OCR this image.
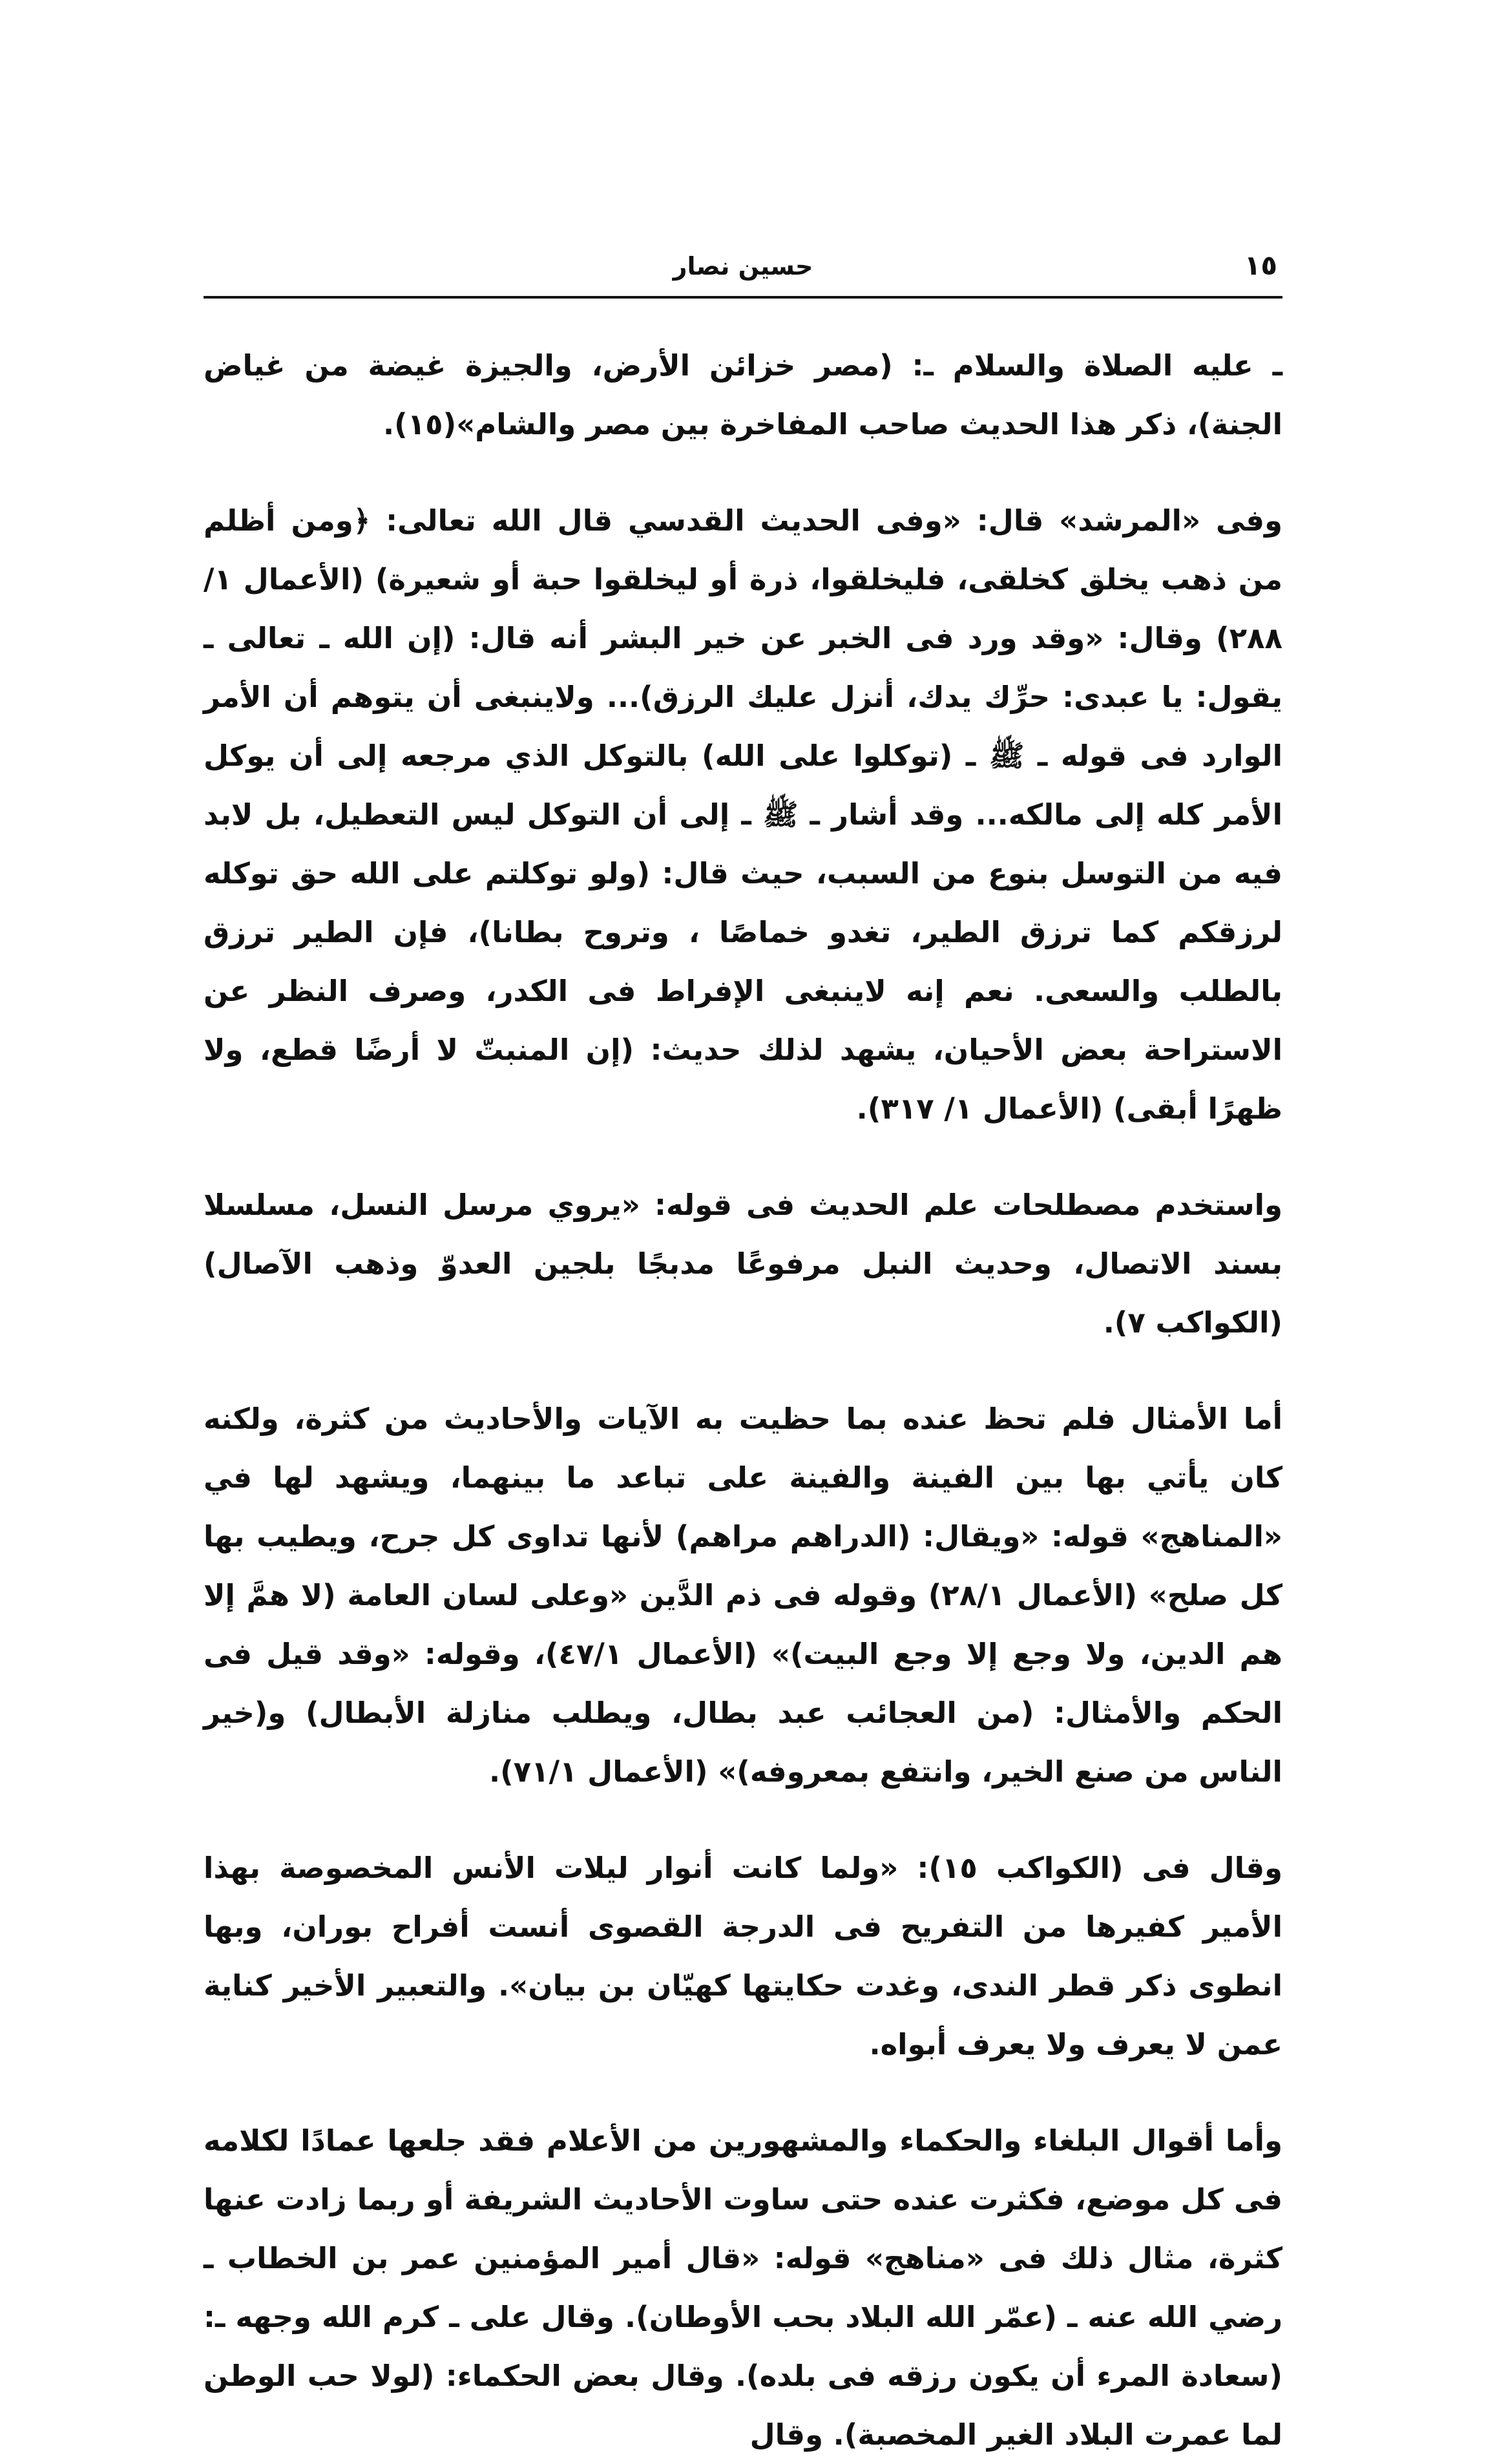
١٥
حسين نصار

ـ عليه الصلاة والسلام ـ: (مصر خزائن الأرض، والجيزة غيضة من غياض الجنة)، ذكر هذا الحديث صاحب المفاخرة بين مصر والشام»(١٥).

وفى «المرشد» قال: «وفى الحديث القدسي قال الله تعالى: ﴿ومن أظلم من ذهب يخلق كخلقى، فليخلقوا، ذرة أو ليخلقوا حبة أو شعيرة) (الأعمال ١/ ٢٨٨) وقال: «وقد ورد فى الخبر عن خير البشر أنه قال: (إن الله ـ تعالى ـ يقول: يا عبدى: حرِّك يدك، أنزل عليك الرزق)... ولاينبغى أن يتوهم أن الأمر الوارد فى قوله ـ ﷺ ـ (توكلوا على الله) بالتوكل الذي مرجعه إلى أن يوكل الأمر كله إلى مالكه... وقد أشار ـ ﷺ ـ إلى أن التوكل ليس التعطيل، بل لابد فيه من التوسل بنوع من السبب، حيث قال: (ولو توكلتم على الله حق توكله لرزقكم كما ترزق الطير، تغدو خماصًا ، وتروح بطانا)، فإن الطير ترزق بالطلب والسعى. نعم إنه لاينبغى الإفراط فى الكدر، وصرف النظر عن الاستراحة بعض الأحيان، يشهد لذلك حديث: (إن المنبتّ لا أرضًا قطع، ولا ظهرًا أبقى) (الأعمال ١/ ٣١٧).

واستخدم مصطلحات علم الحديث فى قوله: «يروي مرسل النسل، مسلسلا بسند الاتصال، وحديث النبل مرفوعًا مدبجًا بلجين العدوّ وذهب الآصال) (الكواكب ٧).

أما الأمثال فلم تحظ عنده بما حظيت به الآيات والأحاديث من كثرة، ولكنه كان يأتي بها بين الفينة والفينة على تباعد ما بينهما، ويشهد لها في «المناهج» قوله: «ويقال: (الدراهم مراهم) لأنها تداوى كل جرح، ويطيب بها كل صلح» (الأعمال ٢٨/١) وقوله فى ذم الدَّين «وعلى لسان العامة (لا همَّ إلا هم الدين، ولا وجع إلا وجع البيت)» (الأعمال ٤٧/١)، وقوله: «وقد قيل فى الحكم والأمثال: (من العجائب عبد بطال، ويطلب منازلة الأبطال) و(خير الناس من صنع الخير، وانتفع بمعروفه)» (الأعمال ٧١/١).

وقال فى (الكواكب ١٥): «ولما كانت أنوار ليلات الأنس المخصوصة بهذا الأمير كفيرها من التفريح فى الدرجة القصوى أنست أفراح بوران، وبها انطوى ذكر قطر الندى، وغدت حكايتها كهيّان بن بيان». والتعبير الأخير كناية عمن لا يعرف ولا يعرف أبواه.

وأما أقوال البلغاء والحكماء والمشهورين من الأعلام فقد جلعها عمادًا لكلامه فى كل موضع، فكثرت عنده حتى ساوت الأحاديث الشريفة أو ربما زادت عنها كثرة، مثال ذلك فى «مناهج» قوله: «قال أمير المؤمنين عمر بن الخطاب ـ رضي الله عنه ـ (عمّر الله البلاد بحب الأوطان). وقال على ـ كرم الله وجهه ـ: (سعادة المرء أن يكون رزقه فى بلده). وقال بعض الحكماء: (لولا حب الوطن لما عمرت البلاد الغير المخصبة). وقال
